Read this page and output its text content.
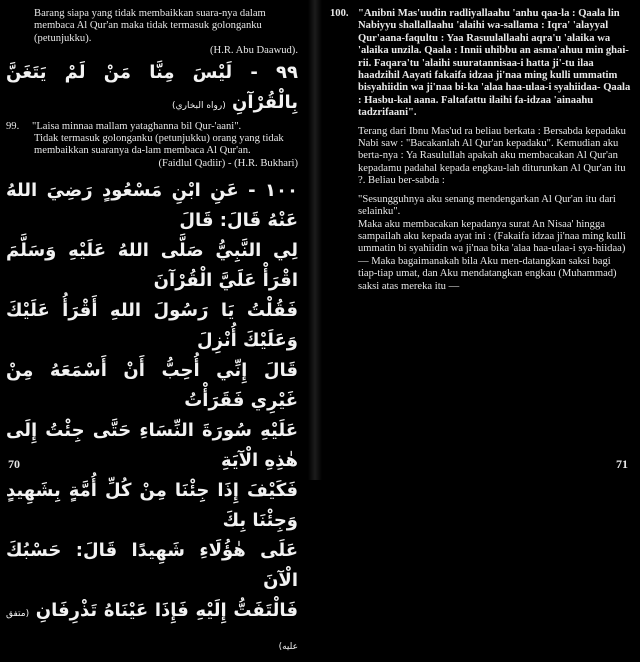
Barang siapa yang tidak membaikkan suara-nya dalam membaca Al Qur'an maka tidak termasuk golonganku (petunjukku).

(H.R. Abu Daawud).

٩٩ - لَيْسَ مِنَّا مَنْ لَمْ يَتَغَنَّ بِالْقُرْآنِ (رواه البخاري)
99.	"Laisa minnaa mallam yataghanna bil Qur-'aani".

Tidak termasuk golonganku (petunjukku) orang yang tidak membaikkan suaranya da-lam membaca Al Qur'an.

(Faidlul Qadiir) - (H.R. Bukhari)

١٠٠ - عَنِ ابْنِ مَسْعُودٍ رَضِيَ اللهُ عَنْهُ قَالَ: قَالَ
لِي النَّبِيُّ صَلَّى اللهُ عَلَيْهِ وَسَلَّمَ اقْرَأْ عَلَيَّ الْقُرْآنَ
فَقُلْتُ يَا رَسُولَ اللهِ أَقْرَأُ عَلَيْكَ وَعَلَيْكَ أُنْزِلَ
قَالَ إِنِّي أُحِبُّ أَنْ أَسْمَعَهُ مِنْ غَيْرِي فَقَرَأْتُ
عَلَيْهِ سُورَةَ النِّسَاءِ حَتَّى جِئْتُ إِلَى هٰذِهِ الْآيَةِ
فَكَيْفَ إِذَا جِئْنَا مِنْ كُلِّ أُمَّةٍ بِشَهِيدٍ وَجِئْنَا بِكَ
عَلَى هٰؤُلَاءِ شَهِيدًا قَالَ: حَسْبُكَ الْآنَ
فَالْتَفَتُّ إِلَيْهِ فَإِذَا عَيْنَاهُ تَذْرِفَانِ (متفق عليه)
70
100. "Anibni Mas'uudin radliyallaahu 'anhu qaa-la : Qaala lin Nabiyyu shallallaahu 'alaihi wa-sallama : Iqra' 'alayyal Qur'aana-faqultu : Yaa Rasuulallaahi aqra'u 'alaika wa 'alaika unzila. Qaala : Innii uhibbu an asma'ahuu min ghai-rii. Faqara'tu 'alaihi suuratannisaa-i hatta ji'-tu ilaa haadzihil Aayati fakaifa idzaa ji'naa ming kulli ummatim bisyahiidin wa ji'naa bi-ka 'alaa haa-ulaa-i syahiidaa- Qaala : Hasbu-kal aana. Faltafattu ilaihi fa-idzaa 'ainaahu tadzrifaani".

Terang dari Ibnu Mas'ud ra beliau berkata : Bersabda kepadaku Nabi saw : "Bacakanlah Al Qur'an kepadaku". Kemudian aku berta-nya : Ya Rasulullah apakah aku membacakan Al Qur'an kepadamu padahal kepada engkau-lah diturunkan Al Qur'an itu ?. Beliau ber-sabda :

"Sesungguhnya aku senang mendengarkan Al Qur'an itu dari selainku".

Maka aku membacakan kepadanya surat An Nisaa' hingga sampailah aku kepada ayat ini : (Fakaifa idzaa ji'naa ming kulli ummatin bi syahiidin wa ji'naa bika 'alaa haa-ulaa-i sya-hiidaa) — Maka bagaimanakah bila Aku men-datangkan saksi bagi tiap-tiap umat, dan Aku mendatangkan engkau (Muhammad) saksi atas mereka itu —

71
